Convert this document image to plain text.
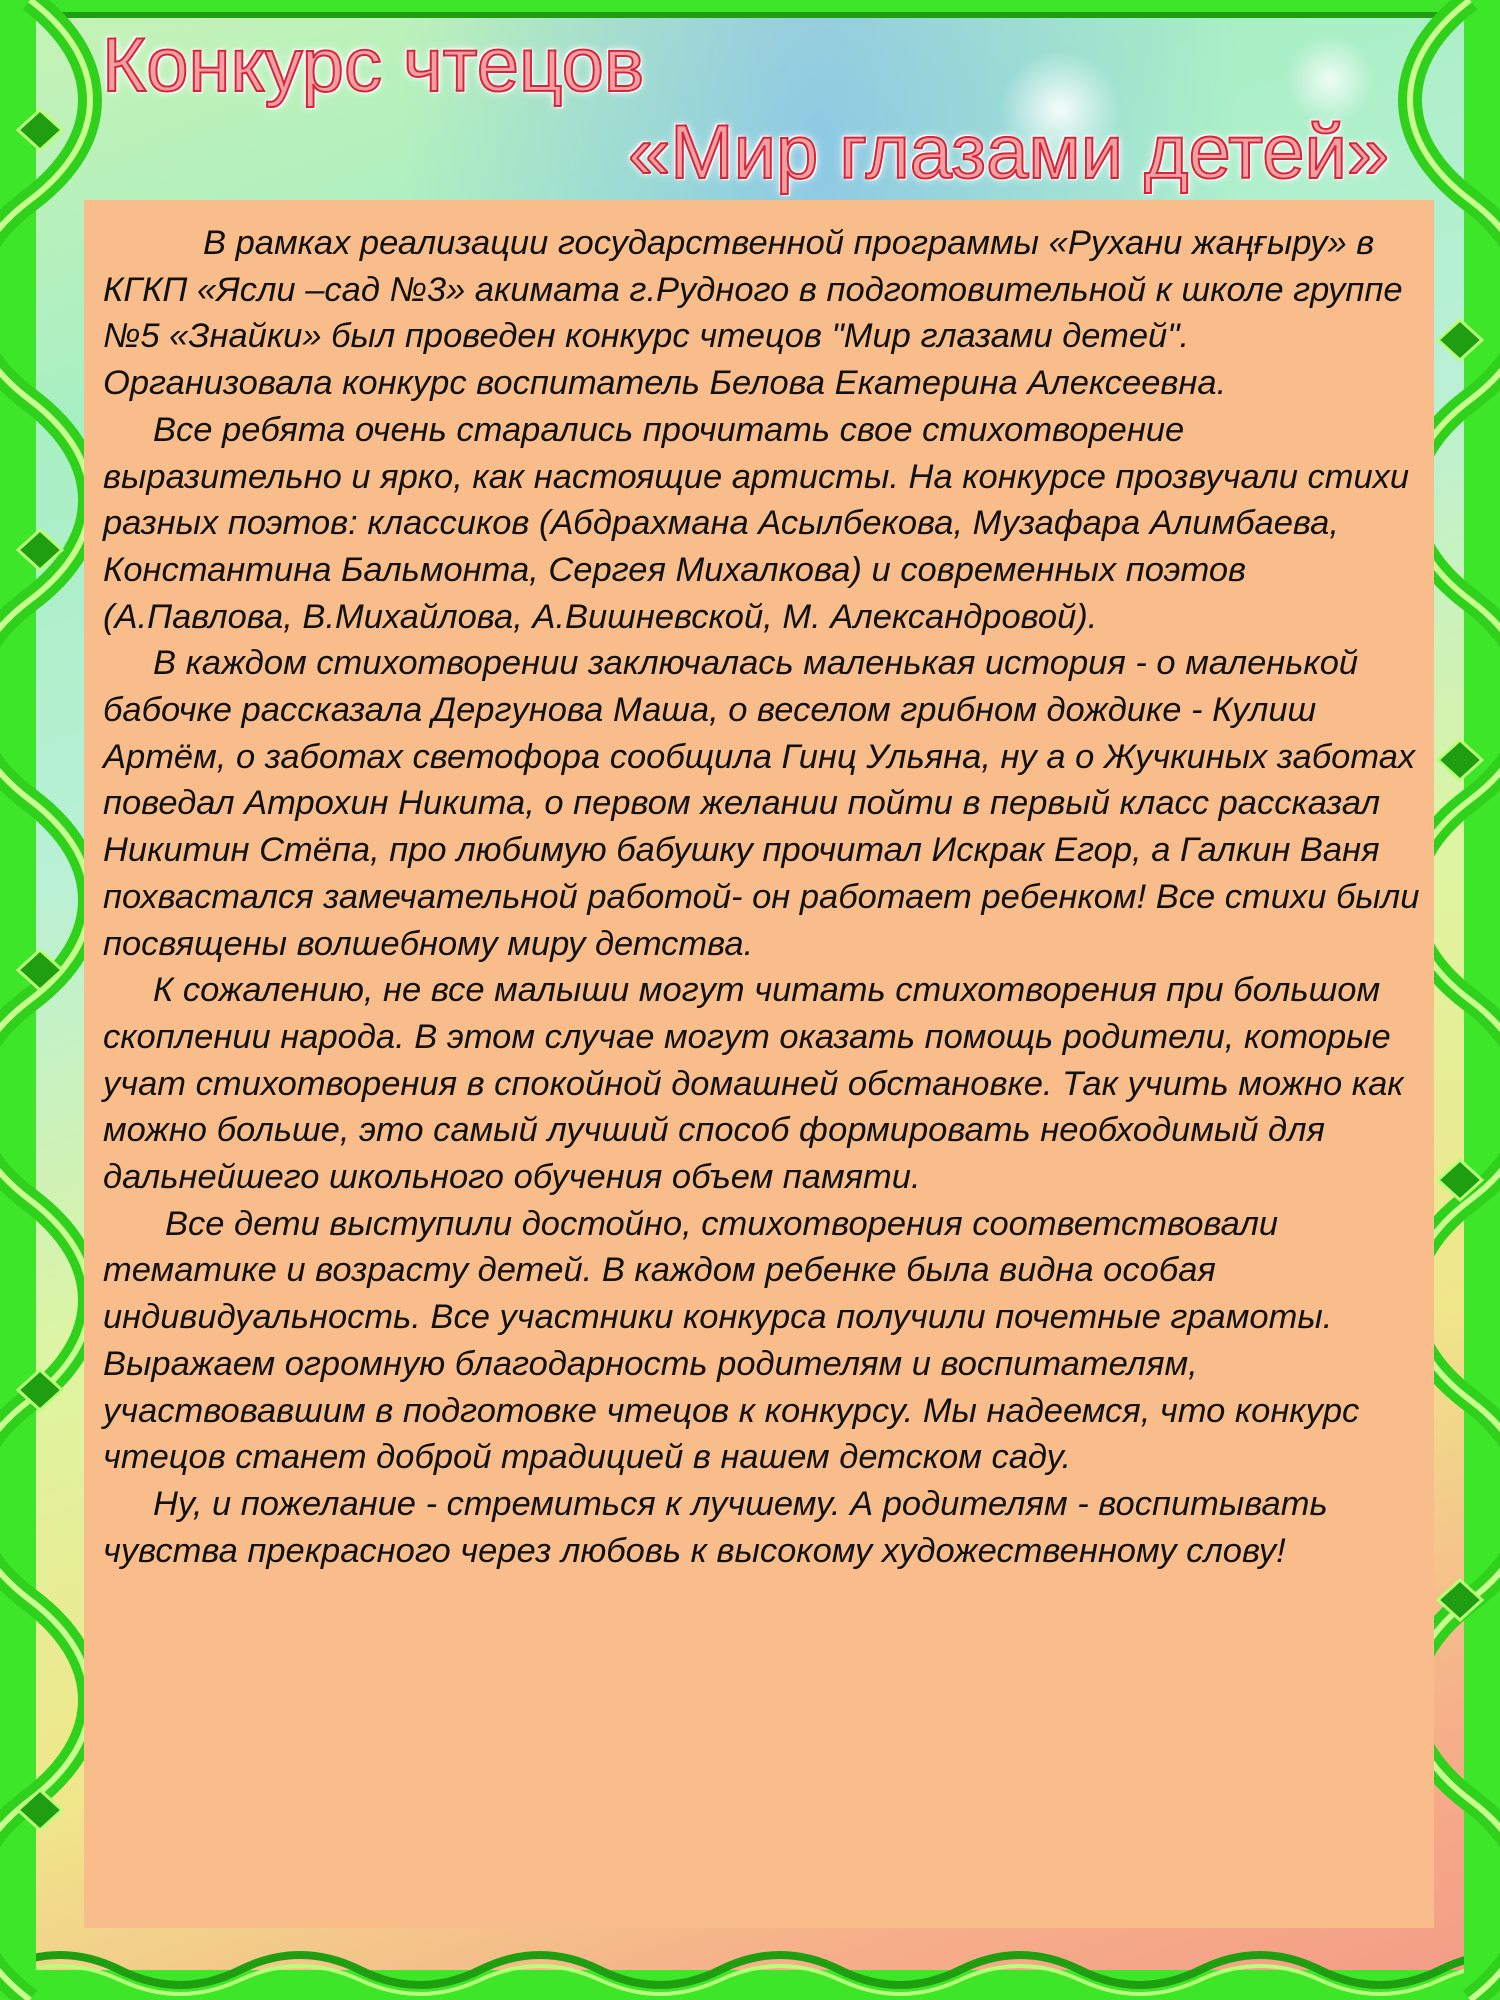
Конкурс чтецов
«Мир глазами детей»

В рамках реализации государственной программы «Рухани жаңғыру» в КГКП «Ясли –сад №3» акимата г.Рудного в подготовительной к школе группе №5 «Знайки» был проведен конкурс чтецов "Мир глазами детей". Организовала конкурс воспитатель Белова Екатерина Алексеевна.

Все ребята очень старались прочитать свое стихотворение выразительно и ярко, как настоящие артисты. На конкурсе прозвучали стихи разных поэтов: классиков (Абдрахмана Асылбекова, Музафара Алимбаева, Константина Бальмонта, Сергея Михалкова) и современных поэтов (А.Павлова, В.Михайлова, А.Вишневской, М. Александровой).

В каждом стихотворении заключалась маленькая история - о маленькой бабочке рассказала Дергунова Маша, о веселом грибном дождике - Кулиш Артём, о заботах светофора сообщила Гинц Ульяна, ну а о Жучкиных заботах поведал Атрохин Никита, о первом желании пойти в первый класс рассказал Никитин Стёпа, про любимую бабушку прочитал Искрак Егор, а Галкин Ваня похвастался замечательной работой- он работает ребенком! Все стихи были посвящены волшебному миру детства.

К сожалению, не все малыши могут читать стихотворения при большом скоплении народа. В этом случае могут оказать помощь родители, которые учат стихотворения в спокойной домашней обстановке. Так учить можно как можно больше, это самый лучший способ формировать необходимый для дальнейшего школьного обучения объем памяти.

Все дети выступили достойно, стихотворения соответствовали тематике и возрасту детей. В каждом ребенке была видна особая индивидуальность. Все участники конкурса получили почетные грамоты. Выражаем огромную благодарность родителям и воспитателям, участвовавшим в подготовке чтецов к конкурсу. Мы надеемся, что конкурс чтецов станет доброй традицией в нашем детском саду.

Ну, и пожелание - стремиться к лучшему. А родителям - воспитывать чувства прекрасного через любовь к высокому художественному слову!
